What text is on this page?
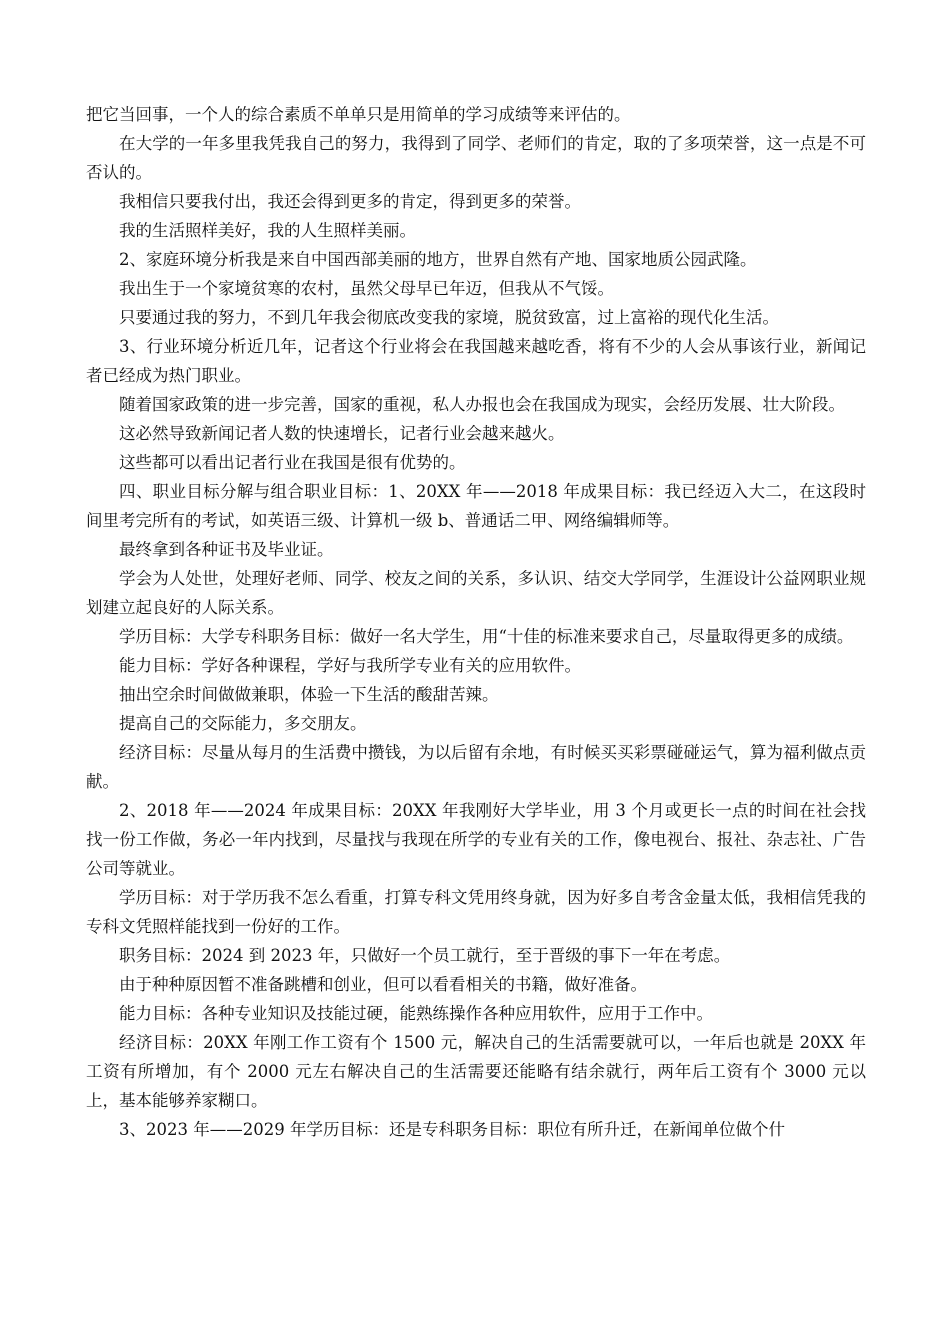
把它当回事，一个人的综合素质不单单只是用简单的学习成绩等来评估的。

在大学的一年多里我凭我自己的努力，我得到了同学、老师们的肯定，取的了多项荣誉，这一点是不可否认的。

我相信只要我付出，我还会得到更多的肯定，得到更多的荣誉。

我的生活照样美好，我的人生照样美丽。

2、家庭环境分析我是来自中国西部美丽的地方，世界自然有产地、国家地质公园武隆。

我出生于一个家境贫寒的农村，虽然父母早已年迈，但我从不气馁。

只要通过我的努力，不到几年我会彻底改变我的家境，脱贫致富，过上富裕的现代化生活。

3、行业环境分析近几年，记者这个行业将会在我国越来越吃香，将有不少的人会从事该行业，新闻记者已经成为热门职业。

随着国家政策的进一步完善，国家的重视，私人办报也会在我国成为现实，会经历发展、壮大阶段。

这必然导致新闻记者人数的快速增长，记者行业会越来越火。

这些都可以看出记者行业在我国是很有优势的。

四、职业目标分解与组合职业目标：1、20XX 年——2018 年成果目标：我已经迈入大二，在这段时间里考完所有的考试，如英语三级、计算机一级 b、普通话二甲、网络编辑师等。

最终拿到各种证书及毕业证。

学会为人处世，处理好老师、同学、校友之间的关系，多认识、结交大学同学，生涯设计公益网职业规划建立起良好的人际关系。

学历目标：大学专科职务目标：做好一名大学生，用“十佳的标准来要求自己，尽量取得更多的成绩。

能力目标：学好各种课程，学好与我所学专业有关的应用软件。

抽出空余时间做做兼职，体验一下生活的酸甜苦辣。

提高自己的交际能力，多交朋友。

经济目标：尽量从每月的生活费中攒钱，为以后留有余地，有时候买买彩票碰碰运气，算为福利做点贡献。

2、2018 年——2024 年成果目标：20XX 年我刚好大学毕业，用 3 个月或更长一点的时间在社会找找一份工作做，务必一年内找到，尽量找与我现在所学的专业有关的工作，像电视台、报社、杂志社、广告公司等就业。

学历目标：对于学历我不怎么看重，打算专科文凭用终身就，因为好多自考含金量太低，我相信凭我的专科文凭照样能找到一份好的工作。

职务目标：2024 到 2023 年，只做好一个员工就行，至于晋级的事下一年在考虑。

由于种种原因暂不准备跳槽和创业，但可以看看相关的书籍，做好准备。

能力目标：各种专业知识及技能过硬，能熟练操作各种应用软件，应用于工作中。

经济目标：20XX 年刚工作工资有个 1500 元，解决自己的生活需要就可以，一年后也就是 20XX 年工资有所增加，有个 2000 元左右解决自己的生活需要还能略有结余就行，两年后工资有个 3000 元以上，基本能够养家糊口。

3、2023 年——2029 年学历目标：还是专科职务目标：职位有所升迁，在新闻单位做个什
